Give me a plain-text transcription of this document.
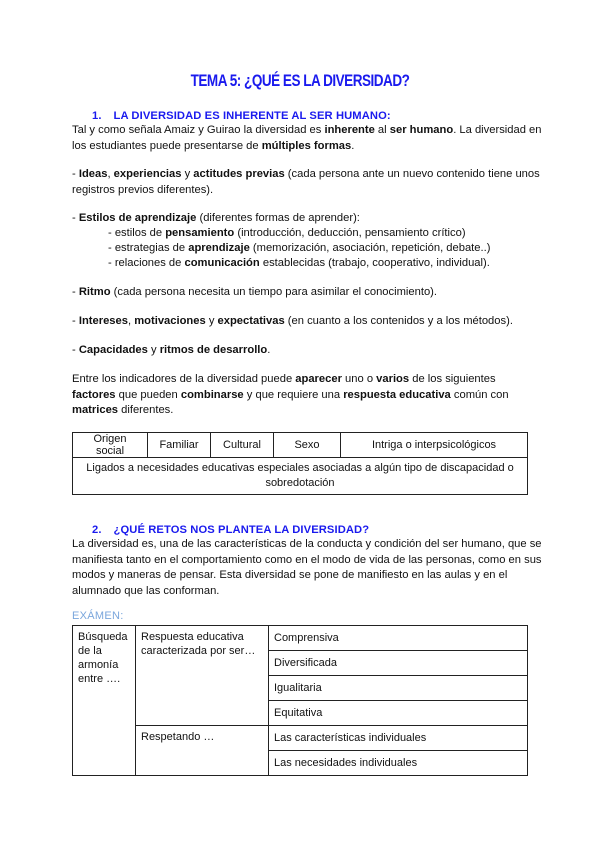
TEMA 5: ¿QUÉ ES LA DIVERSIDAD?
1. LA DIVERSIDAD ES INHERENTE AL SER HUMANO:
Tal y como señala Amaiz y Guirao la diversidad es inherente al ser humano. La diversidad en los estudiantes puede presentarse de múltiples formas.
- Ideas, experiencias y actitudes previas (cada persona ante un nuevo contenido tiene unos registros previos diferentes).
- Estilos de aprendizaje (diferentes formas de aprender):
- estilos de pensamiento (introducción, deducción, pensamiento crítico)
- estrategias de aprendizaje (memorización, asociación, repetición, debate..)
- relaciones de comunicación establecidas (trabajo, cooperativo, individual).
- Ritmo (cada persona necesita un tiempo para asimilar el conocimiento).
- Intereses, motivaciones y expectativas (en cuanto a los contenidos y a los métodos).
- Capacidades y ritmos de desarrollo.
Entre los indicadores de la diversidad puede aparecer uno o varios de los siguientes factores que pueden combinarse y que requiere una respuesta educativa común con matrices diferentes.
Origen social	Familiar	Cultural	Sexo	Intriga o interpsicológicos
Ligados a necesidades educativas especiales asociadas a algún tipo de discapacidad o sobredotación
2. ¿QUÉ RETOS NOS PLANTEA LA DIVERSIDAD?
La diversidad es, una de las características de la conducta y condición del ser humano, que se manifiesta tanto en el comportamiento como en el modo de vida de las personas, como en sus modos y maneras de pensar. Esta diversidad se pone de manifiesto en las aulas y en el alumnado que las conforman.
EXÁMEN:
Búsqueda de la armonía entre ….	Respuesta educativa caracterizada por ser…	Comprensiva
		Diversificada
		Igualitaria
		Equitativa
	Respetando …	Las características individuales
		Las necesidades individuales
